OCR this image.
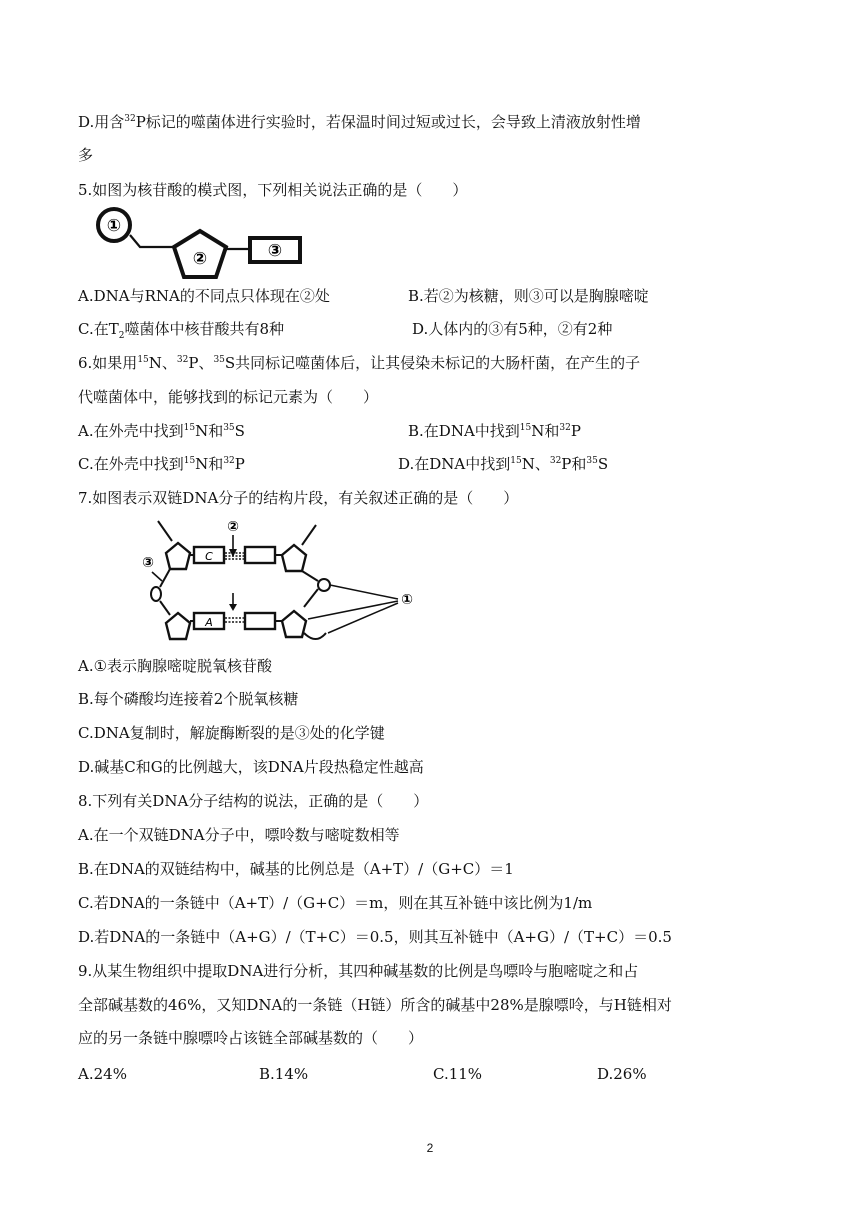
D.用含$^{32}$P标记的噬菌体进行实验时，若保温时间过短或过长，会导致上清液放射性增
多
5.如图为核苷酸的模式图，下列相关说法正确的是（　　）
①
②	③
A.DNA与RNA的不同点只体现在②处	B.若②为核糖，则③可以是胸腺嘧啶
C.在$T_2$噬菌体中核苷酸共有8种	D.人体内的③有5种，②有2种
6.如果用$^{15}$N、$^{32}$P、$^{35}$S共同标记噬菌体后，让其侵染未标记的大肠杆菌，在产生的子
代噬菌体中，能够找到的标记元素为（　　）
A.在外壳中找到$^{15}$N和$^{35}$S	B.在DNA中找到$^{15}$N和$^{32}$P
C.在外壳中找到$^{15}$N和$^{32}$P	D.在DNA中找到$^{15}$N、$^{32}$P和$^{35}$S
7.如图表示双链DNA分子的结构片段，有关叙述正确的是（　　）
②
③	C
A
①
A.①表示胸腺嘧啶脱氧核苷酸
B.每个磷酸均连接着2个脱氧核糖
C.DNA复制时，解旋酶断裂的是③处的化学键
D.碱基C和G的比例越大，该DNA片段热稳定性越高
8.下列有关DNA分子结构的说法，正确的是（　　）
A.在一个双链DNA分子中，嘌呤数与嘧啶数相等
B.在DNA的双链结构中，碱基的比例总是（A+T）/（G+C）＝1
C.若DNA的一条链中（A+T）/（G+C）＝m，则在其互补链中该比例为1/m
D.若DNA的一条链中（A+G）/（T+C）＝0.5，则其互补链中（A+G）/（T+C）＝0.5
9.从某生物组织中提取DNA进行分析，其四种碱基数的比例是鸟嘌呤与胞嘧啶之和占
全部碱基数的46%，又知DNA的一条链（H链）所含的碱基中28%是腺嘌呤，与H链相对
应的另一条链中腺嘌呤占该链全部碱基数的（　　）
A.24%	B.14%	C.11%	D.26%
2
